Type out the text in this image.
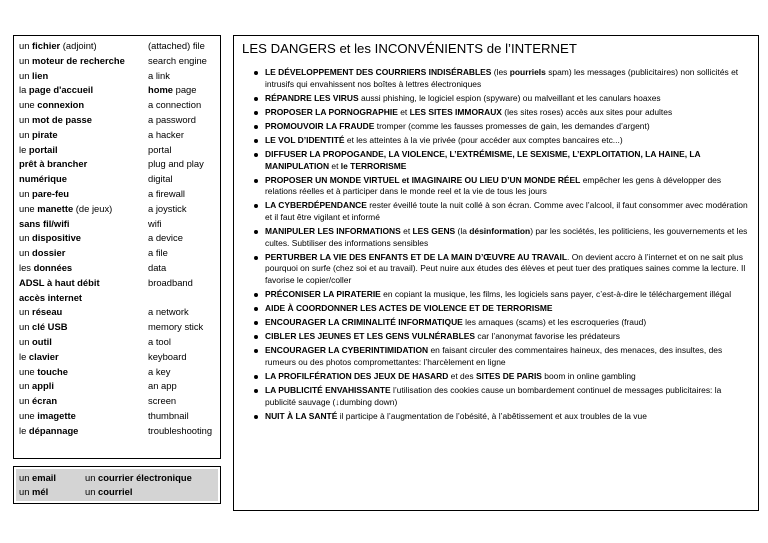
un fichier (adjoint)	(attached) file
un moteur de recherche	search engine
un lien	a link
la page d'accueil	home page
une connexion	a connection
un mot de passe	a password
un pirate	a hacker
le portail	portal
prêt à brancher	plug and play
numérique	digital
un pare-feu	a firewall
une manette (de jeux)	a joystick
sans fil/wifi	wifi
un dispositive	a device
un dossier	a file
les données	data
ADSL à haut débit	broadband
accès internet
un réseau	a network
un clé USB	memory stick
un outil	a tool
le clavier	keyboard
une touche	a key
un appli	an app
un écran	screen
une imagette	thumbnail
le dépannage	troubleshooting
un email	un courrier électronique
un mél	un courriel
LES DANGERS et les INCONVÉNIENTS de l’INTERNET
LE DÉVELOPPEMENT DES COURRIERS INDISÉRABLES (les pourriels spam) les messages (publicitaires) non sollicités et intrusifs qui envahissent nos boîtes à lettres électroniques
RÉPANDRE LES VIRUS aussi phishing, le logiciel espion (spyware) ou malveillant et les canulars hoaxes
PROPOSER LA PORNOGRAPHIE et LES SITES IMMORAUX (les sites roses) accès aux sites pour adultes
PROMOUVOIR LA FRAUDE tromper (comme les fausses promesses de gain, les demandes d’argent)
LE VOL D’IDENTITÉ et les atteintes à la vie privée (pour accéder aux comptes bancaires etc...)
DIFFUSER LA PROPOGANDE, LA VIOLENCE, L’EXTRÉMISME, LE SEXISME, L’EXPLOITATION, LA HAINE, LA MANIPULATION et le TERRORISME
PROPOSER UN MONDE VIRTUEL et IMAGINAIRE OU LIEU D’UN MONDE RÉEL empêcher les gens à développer des relations réelles et à participer dans le monde reel et la vie de tous les jours
LA CYBERDÉPENDANCE rester éveillé toute la nuit collé à son écran. Comme avec l’alcool, il faut consommer avec modération et il faut être vigilant et informé
MANIPULER LES INFORMATIONS et LES GENS (la désinformation) par les sociétés, les politiciens, les gouvernements et les cultes. Subtiliser des informations sensibles
PERTURBER LA VIE DES ENFANTS ET DE LA MAIN D’ŒUVRE AU TRAVAIL. On devient accro à l’internet et on ne sait plus pourquoi on surfe (chez soi et au travail). Peut nuire aux études des élèves et peut tuer des pratiques saines comme la lecture. Il favorise le copier/coller
PRÉCONISER LA PIRATERIE en copiant la musique, les films, les logiciels sans payer, c’est-à-dire le téléchargement illégal
AIDE À COORDONNER LES ACTES DE VIOLENCE ET DE TERRORISME
ENCOURAGER LA CRIMINALITÉ INFORMATIQUE les arnaques (scams) et les escroqueries (fraud)
CIBLER LES JEUNES ET LES GENS VULNÉRABLES car l’anonymat favorise les prédateurs
ENCOURAGER LA CYBERINTIMIDATION en faisant circuler des commentaires haineux, des menaces, des insultes, des rumeurs ou des photos compromettantes: l’harcèlement en ligne
LA PROFILFÉRATION DES JEUX DE HASARD et des SITES DE PARIS boom in online gambling
LA PUBLICITÉ ENVAHISSANTE l’utilisation des cookies cause un bombardement continuel de messages publicitaires: la publicité sauvage (↓dumbing down)
NUIT À LA SANTÉ il participe à l’augmentation de l’obésité, à l’abêtissement et aux troubles de la vue
